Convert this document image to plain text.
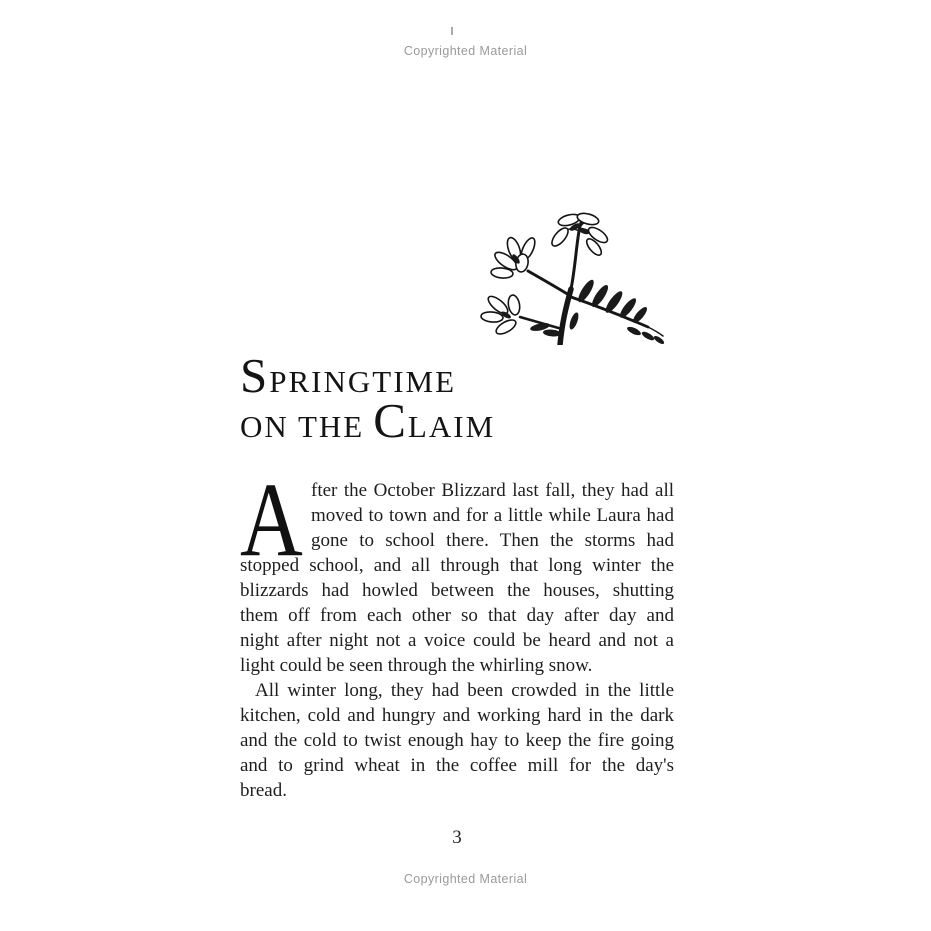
Copyrighted Material
SPRINGTIME
ON THE CLAIM
A fter the October Blizzard last fall, they had all
moved to town and for a little while Laura had
gone to school there. Then the storms had
stopped school, and all through that long winter the
blizzards had howled between the houses, shutting
them off from each other so that day after day and
night after night not a voice could be heard and not a
light could be seen through the whirling snow.
All winter long, they had been crowded in the little
kitchen, cold and hungry and working hard in the dark
and the cold to twist enough hay to keep the fire going
and to grind wheat in the coffee mill for the day's
bread.
3
Copyrighted Material
